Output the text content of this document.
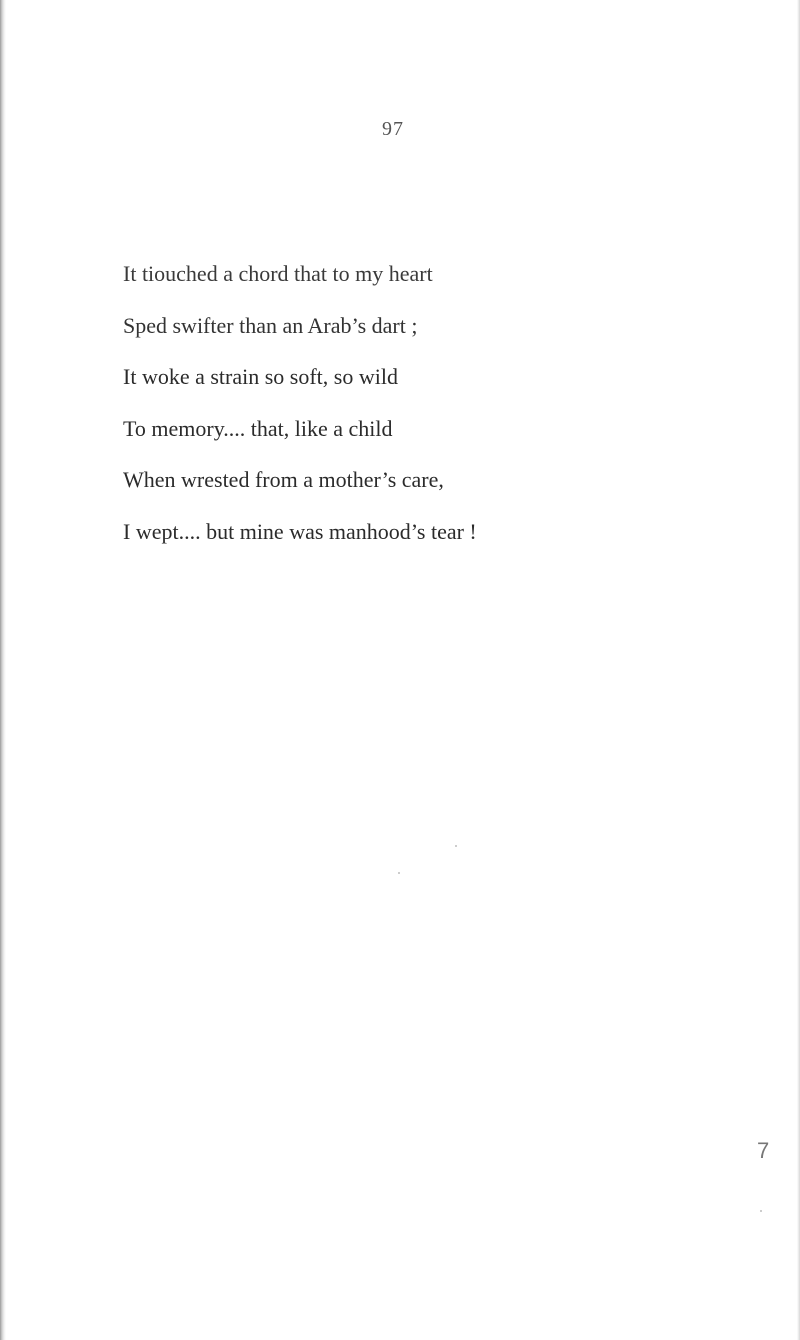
97
It tiouched a chord that to my heart
Sped swifter than an Arab’s dart ;
It woke a strain so soft, so wild
To memory.... that, like a child
When wrested from a mother’s care,
I wept.... but mine was manhood’s tear !
7
